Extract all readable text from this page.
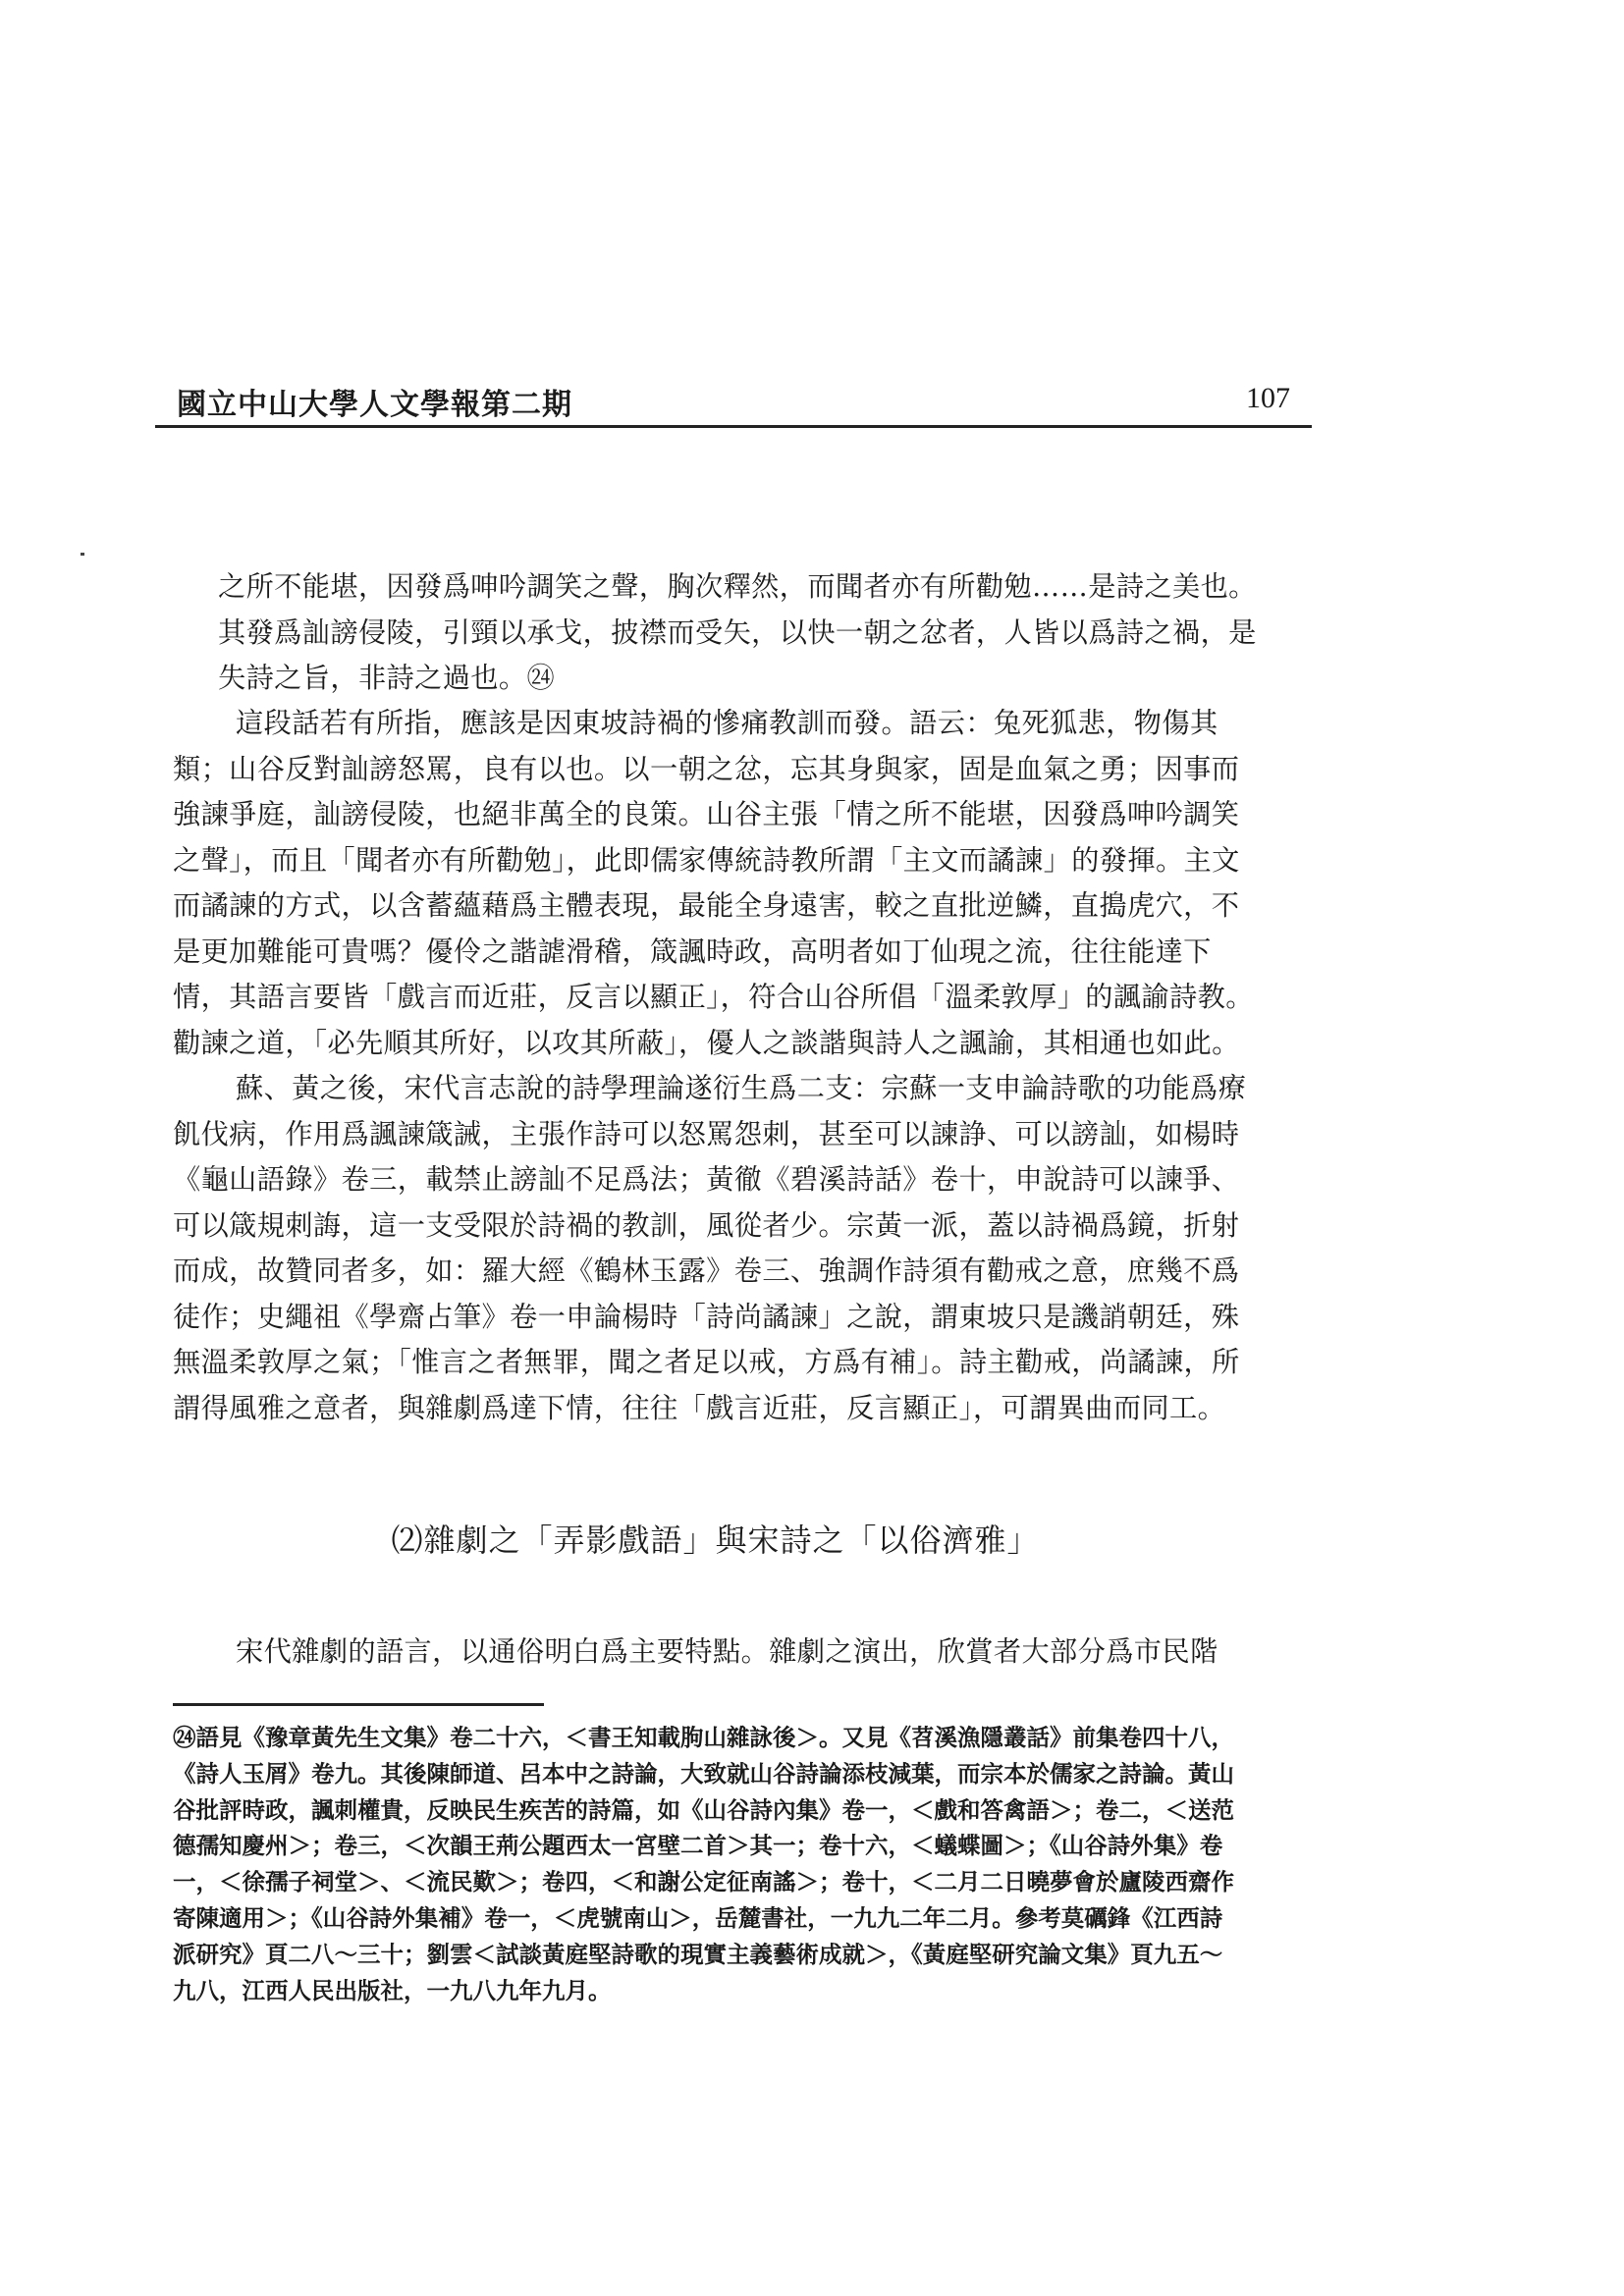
國立中山大學人文學報第二期	107
之所不能堪，因發爲呻吟調笑之聲，胸次釋然，而聞者亦有所勸勉……是詩之美也。其發爲訕謗侵陵，引頸以承戈，披襟而受矢，以快一朝之忿者，人皆以爲詩之禍，是失詩之旨，非詩之過也。㉔
這段話若有所指，應該是因東坡詩禍的慘痛教訓而發。語云：兔死狐悲，物傷其類；山谷反對訕謗怒罵，良有以也。以一朝之忿，忘其身與家，固是血氣之勇；因事而強諫爭庭，訕謗侵陵，也絕非萬全的良策。山谷主張「情之所不能堪，因發爲呻吟調笑之聲」，而且「聞者亦有所勸勉」，此即儒家傳統詩教所謂「主文而譎諫」的發揮。主文而譎諫的方式，以含蓄蘊藉爲主體表現，最能全身遠害，較之直批逆鱗，直搗虎穴，不是更加難能可貴嗎？優伶之諧謔滑稽，箴諷時政，高明者如丁仙現之流，往往能達下情，其語言要皆「戲言而近莊，反言以顯正」，符合山谷所倡「溫柔敦厚」的諷諭詩教。勸諫之道，「必先順其所好，以攻其所蔽」，優人之談諧與詩人之諷諭，其相通也如此。
蘇、黃之後，宋代言志說的詩學理論遂衍生爲二支：宗蘇一支申論詩歌的功能爲療飢伐病，作用爲諷諫箴誡，主張作詩可以怒罵怨刺，甚至可以諫諍、可以謗訕，如楊時《龜山語錄》卷三，載禁止謗訕不足爲法；黃徹《碧溪詩話》卷十，申說詩可以諫爭、可以箴規刺誨，這一支受限於詩禍的教訓，風從者少。宗黃一派，蓋以詩禍爲鏡，折射而成，故贊同者多，如：羅大經《鶴林玉露》卷三、強調作詩須有勸戒之意，庶幾不爲徒作；史繩祖《學齋占筆》卷一申論楊時「詩尚譎諫」之說，謂東坡只是譏誚朝廷，殊無溫柔敦厚之氣；「惟言之者無罪，聞之者足以戒，方爲有補」。詩主勸戒，尚譎諫，所謂得風雅之意者，與雜劇爲達下情，往往「戲言近莊，反言顯正」，可謂異曲而同工。
⑵雜劇之「弄影戲語」與宋詩之「以俗濟雅」
宋代雜劇的語言，以通俗明白爲主要特點。雜劇之演出，欣賞者大部分爲市民階
㉔語見《豫章黃先生文集》卷二十六，＜書王知載朐山雜詠後＞。又見《苕溪漁隱叢話》前集卷四十八，《詩人玉屑》卷九。其後陳師道、呂本中之詩論，大致就山谷詩論添枝減葉，而宗本於儒家之詩論。黃山谷批評時政，諷刺權貴，反映民生疾苦的詩篇，如《山谷詩內集》卷一，＜戲和答禽語＞；卷二，＜送范德孺知慶州＞；卷三，＜次韻王荊公題西太一宮壁二首＞其一；卷十六，＜蟻蝶圖＞；《山谷詩外集》卷一，＜徐孺子祠堂＞、＜流民歎＞；卷四，＜和謝公定征南謠＞；卷十，＜二月二日曉夢會於廬陵西齋作寄陳適用＞；《山谷詩外集補》卷一，＜虎號南山＞，岳麓書社，一九九二年二月。參考莫礪鋒《江西詩派研究》頁二八～三十；劉雲＜試談黃庭堅詩歌的現實主義藝術成就＞，《黃庭堅研究論文集》頁九五～九八，江西人民出版社，一九八九年九月。
